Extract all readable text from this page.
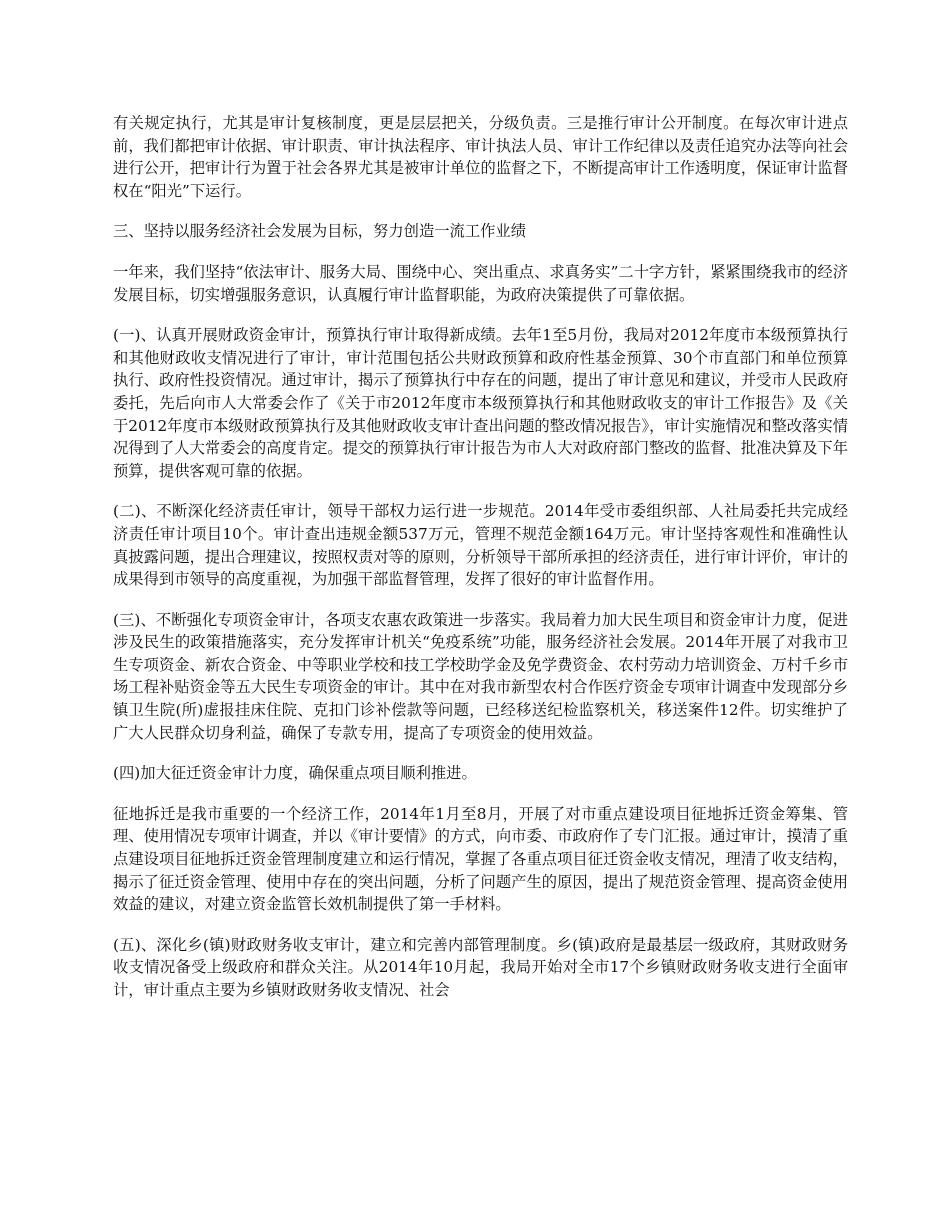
有关规定执行，尤其是审计复核制度，更是层层把关，分级负责。三是推行审计公开制度。在每次审计进点前，我们都把审计依据、审计职责、审计执法程序、审计执法人员、审计工作纪律以及责任追究办法等向社会进行公开，把审计行为置于社会各界尤其是被审计单位的监督之下，不断提高审计工作透明度，保证审计监督权在“阳光”下运行。

三、坚持以服务经济社会发展为目标，努力创造一流工作业绩

一年来，我们坚持“依法审计、服务大局、围绕中心、突出重点、求真务实”二十字方针，紧紧围绕我市的经济发展目标，切实增强服务意识，认真履行审计监督职能，为政府决策提供了可靠依据。

(一)、认真开展财政资金审计，预算执行审计取得新成绩。去年1至5月份，我局对2012年度市本级预算执行和其他财政收支情况进行了审计，审计范围包括公共财政预算和政府性基金预算、30个市直部门和单位预算执行、政府性投资情况。通过审计，揭示了预算执行中存在的问题，提出了审计意见和建议，并受市人民政府委托，先后向市人大常委会作了《关于市2012年度市本级预算执行和其他财政收支的审计工作报告》及《关于2012年度市本级财政预算执行及其他财政收支审计查出问题的整改情况报告》，审计实施情况和整改落实情况得到了人大常委会的高度肯定。提交的预算执行审计报告为市人大对政府部门整改的监督、批准决算及下年预算，提供客观可靠的依据。

(二)、不断深化经济责任审计，领导干部权力运行进一步规范。2014年受市委组织部、人社局委托共完成经济责任审计项目10个。审计查出违规金额537万元，管理不规范金额164万元。审计坚持客观性和准确性认真披露问题，提出合理建议，按照权责对等的原则，分析领导干部所承担的经济责任，进行审计评价，审计的成果得到市领导的高度重视，为加强干部监督管理，发挥了很好的审计监督作用。

(三)、不断强化专项资金审计，各项支农惠农政策进一步落实。我局着力加大民生项目和资金审计力度，促进涉及民生的政策措施落实，充分发挥审计机关“免疫系统”功能，服务经济社会发展。2014年开展了对我市卫生专项资金、新农合资金、中等职业学校和技工学校助学金及免学费资金、农村劳动力培训资金、万村千乡市场工程补贴资金等五大民生专项资金的审计。其中在对我市新型农村合作医疗资金专项审计调查中发现部分乡镇卫生院(所)虚报挂床住院、克扣门诊补偿款等问题，已经移送纪检监察机关，移送案件12件。切实维护了广大人民群众切身利益，确保了专款专用，提高了专项资金的使用效益。

(四)加大征迁资金审计力度，确保重点项目顺利推进。

征地拆迁是我市重要的一个经济工作，2014年1月至8月，开展了对市重点建设项目征地拆迁资金筹集、管理、使用情况专项审计调查，并以《审计要情》的方式，向市委、市政府作了专门汇报。通过审计，摸清了重点建设项目征地拆迁资金管理制度建立和运行情况，掌握了各重点项目征迁资金收支情况，理清了收支结构，揭示了征迁资金管理、使用中存在的突出问题，分析了问题产生的原因，提出了规范资金管理、提高资金使用效益的建议，对建立资金监管长效机制提供了第一手材料。

(五)、深化乡(镇)财政财务收支审计，建立和完善内部管理制度。乡(镇)政府是最基层一级政府，其财政财务收支情况备受上级政府和群众关注。从2014年10月起，我局开始对全市17个乡镇财政财务收支进行全面审计，审计重点主要为乡镇财政财务收支情况、社会
